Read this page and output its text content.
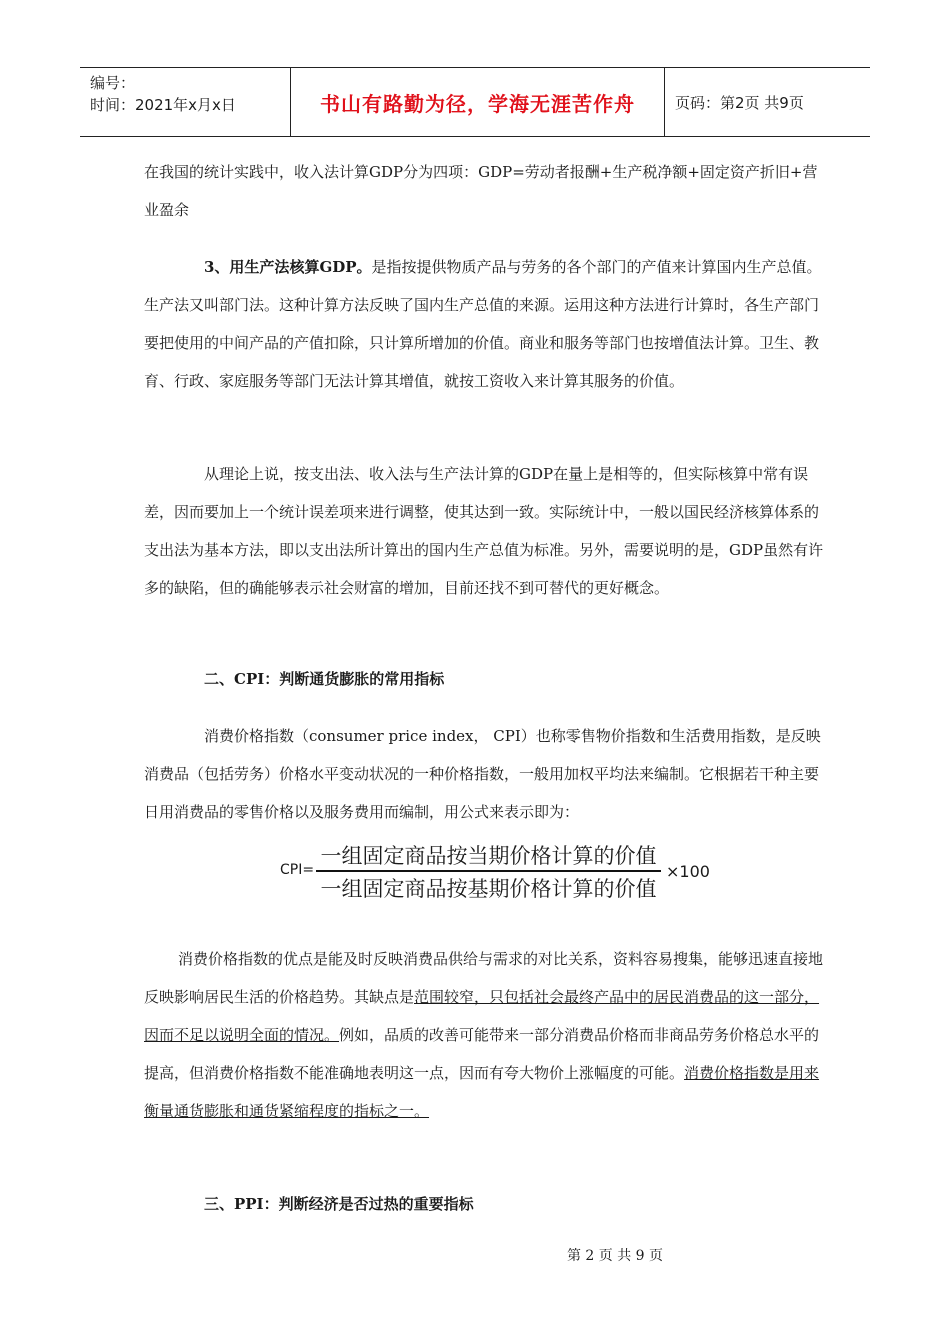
编号：
时间：2021年x月x日	书山有路勤为径，学海无涯苦作舟	页码：第2页 共9页

在我国的统计实践中，收入法计算GDP分为四项：GDP=劳动者报酬+生产税净额+固定资产折旧+营业盈余

3、用生产法核算GDP。是指按提供物质产品与劳务的各个部门的产值来计算国内生产总值。生产法又叫部门法。这种计算方法反映了国内生产总值的来源。运用这种方法进行计算时，各生产部门要把使用的中间产品的产值扣除，只计算所增加的价值。商业和服务等部门也按增值法计算。卫生、教育、行政、家庭服务等部门无法计算其增值，就按工资收入来计算其服务的价值。

从理论上说，按支出法、收入法与生产法计算的GDP在量上是相等的，但实际核算中常有误差，因而要加上一个统计误差项来进行调整，使其达到一致。实际统计中，一般以国民经济核算体系的支出法为基本方法，即以支出法所计算出的国内生产总值为标准。另外，需要说明的是，GDP虽然有许多的缺陷，但的确能够表示社会财富的增加，目前还找不到可替代的更好概念。

二、CPI：判断通货膨胀的常用指标

消费价格指数（consumer price index， CPI）也称零售物价指数和生活费用指数，是反映消费品（包括劳务）价格水平变动状况的一种价格指数，一般用加权平均法来编制。它根据若干种主要日用消费品的零售价格以及服务费用而编制，用公式来表示即为：

CPI=
一组固定商品按当期价格计算的价值
一组固定商品按基期价格计算的价值
×100

消费价格指数的优点是能及时反映消费品供给与需求的对比关系，资料容易搜集，能够迅速直接地反映影响居民生活的价格趋势。其缺点是范围较窄，只包括社会最终产品中的居民消费品的这一部分，因而不足以说明全面的情况。例如，品质的改善可能带来一部分消费品价格而非商品劳务价格总水平的提高，但消费价格指数不能准确地表明这一点，因而有夸大物价上涨幅度的可能。消费价格指数是用来衡量通货膨胀和通货紧缩程度的指标之一。

三、PPI：判断经济是否过热的重要指标

第 2 页 共 9 页
